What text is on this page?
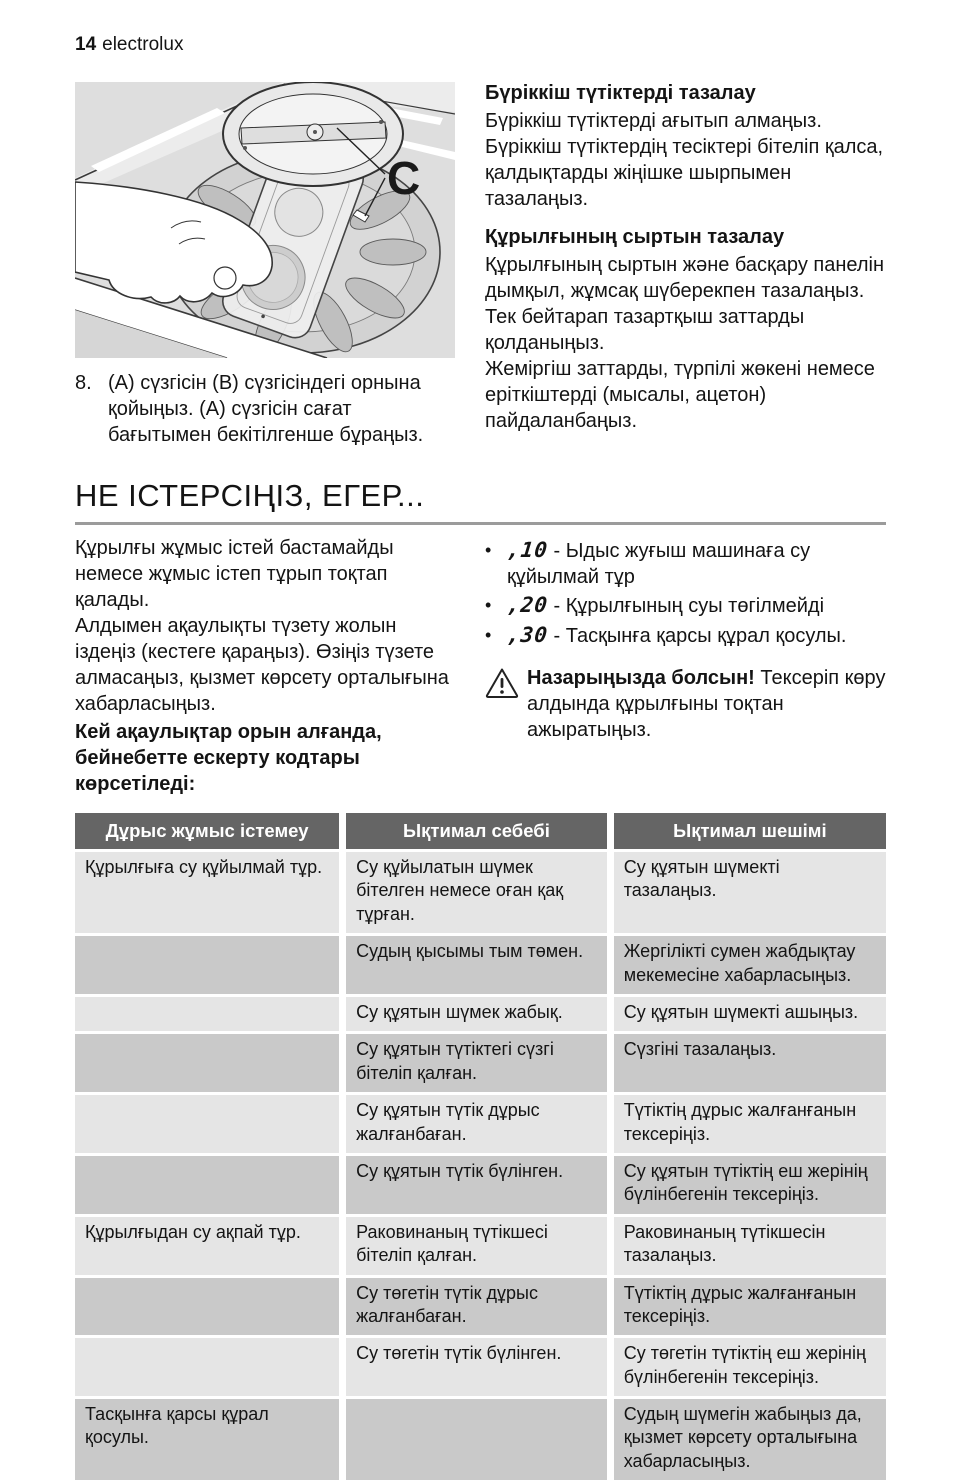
14 electrolux
C
8. (А) сүзгісін (В) сүзгісіндегі орнына қойыңыз. (А) сүзгісін сағат бағытымен бекітілгенше бұраңыз.
Бүріккіш түтіктерді тазалау
Бүріккіш түтіктерді ағытып алмаңыз.
Бүріккіш түтіктердің тесіктері бітеліп қалса, қалдықтарды жіңішке шырпымен тазалаңыз.
Құрылғының сыртын тазалау
Құрылғының сыртын және басқару панелін дымқыл, жұмсақ шүберекпен тазалаңыз.
Тек бейтарап тазартқыш заттарды қолданыңыз.
Жеміргіш заттарды, түрпілі жөкені немесе еріткіштерді (мысалы, ацетон) пайдаланбаңыз.
НЕ ІСТЕРСІҢІЗ, ЕГЕР...
Құрылғы жұмыс істей бастамайды немесе жұмыс істеп тұрып тоқтап қалады.
Алдымен ақаулықты түзету жолын іздеңіз (кестеге қараңыз). Өзіңіз түзете алмасаңыз, қызмет көрсету орталығына хабарласыңыз.
Кей ақаулықтар орын алғанда, бейнебетте ескерту кодтары көрсетіледі:
•
,10 - Ыдыс жуғыш машинаға су құйылмай тұр
•
,20 - Құрылғының суы төгілмейді
•
,30 - Тасқынға қарсы құрал қосулы.
Назарыңызда болсын! Тексеріп көру алдында құрылғыны тоқтан ажыратыңыз.
Дұрыс жұмыс істемеу	Ықтимал себебі	Ықтимал шешімі
Құрылғыға су құйылмай тұр.	Су құйылатын шүмек бітелген немесе оған қақ тұрған.	Су құятын шүмекті тазалаңыз.
	Судың қысымы тым төмен.	Жергілікті сумен жабдықтау мекемесіне хабарласыңыз.
	Су құятын шүмек жабық.	Су құятын шүмекті ашыңыз.
	Су құятын түтіктегі сүзгі бітеліп қалған.	Сүзгіні тазалаңыз.
	Су құятын түтік дұрыс жалғанбаған.	Түтіктің дұрыс жалғанғанын тексеріңіз.
	Су құятын түтік бүлінген.	Су құятын түтіктің еш жерінің бүлінбегенін тексеріңіз.
Құрылғыдан су ақпай тұр.	Раковинаның түтікшесі бітеліп қалған.	Раковинаның түтікшесін тазалаңыз.
	Су төгетін түтік дұрыс жалғанбаған.	Түтіктің дұрыс жалғанғанын тексеріңіз.
	Су төгетін түтік бүлінген.	Су төгетін түтіктің еш жерінің бүлінбегенін тексеріңіз.
Тасқынға қарсы құрал қосулы.		Судың шүмегін жабыңыз да, қызмет көрсету орталығына хабарласыңыз.
